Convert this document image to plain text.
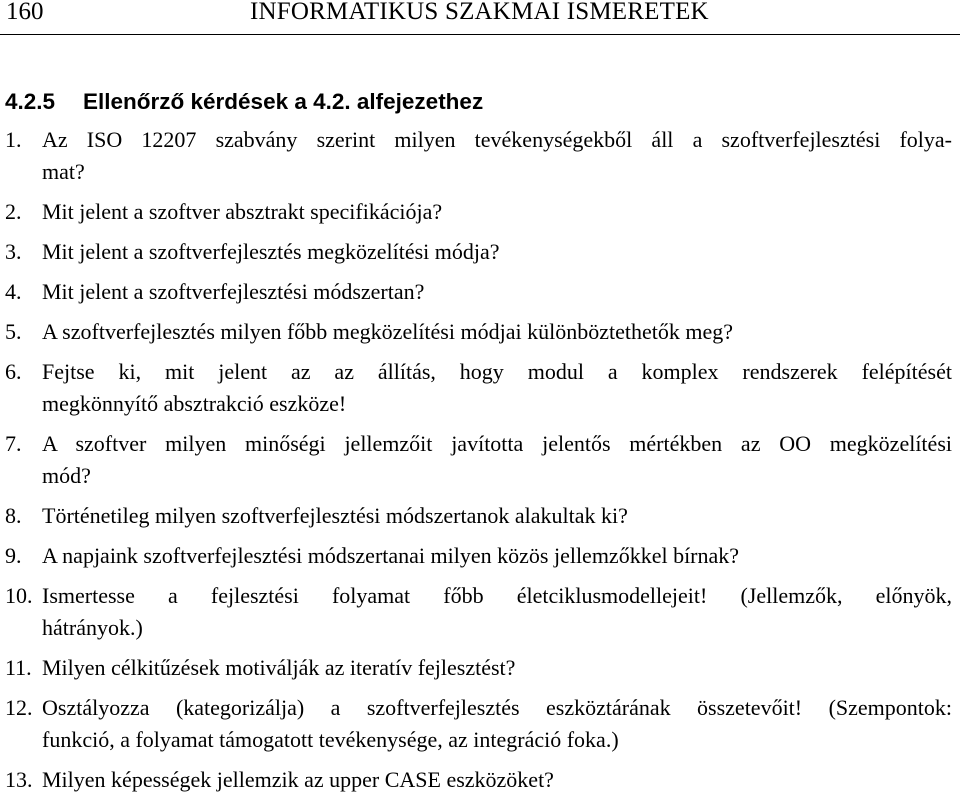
160	INFORMATIKUS SZAKMAI ISMERETEK
4.2.5 Ellenőrző kérdések a 4.2. alfejezethez
1. Az ISO 12207 szabvány szerint milyen tevékenységekből áll a szoftverfejlesztési folya-
mat?
2. Mit jelent a szoftver absztrakt specifikációja?
3. Mit jelent a szoftverfejlesztés megközelítési módja?
4. Mit jelent a szoftverfejlesztési módszertan?
5. A szoftverfejlesztés milyen főbb megközelítési módjai különböztethetők meg?
6. Fejtse ki, mit jelent az az állítás, hogy modul a komplex rendszerek felépítését
megkönnyítő absztrakció eszköze!
7. A szoftver milyen minőségi jellemzőit javította jelentős mértékben az OO megközelítési
mód?
8. Történetileg milyen szoftverfejlesztési módszertanok alakultak ki?
9. A napjaink szoftverfejlesztési módszertanai milyen közös jellemzőkkel bírnak?
10. Ismertesse a fejlesztési folyamat főbb életciklusmodellejeit! (Jellemzők, előnyök,
hátrányok.)
11. Milyen célkitűzések motiválják az iteratív fejlesztést?
12. Osztályozza (kategorizálja) a szoftverfejlesztés eszköztárának összetevőit! (Szempontok:
funkció, a folyamat támogatott tevékenysége, az integráció foka.)
13. Milyen képességek jellemzik az upper CASE eszközöket?
